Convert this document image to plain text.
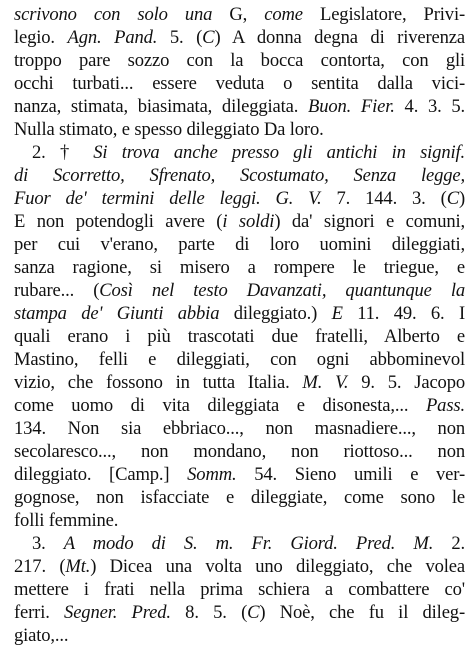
scrivono con solo una G, come Legislatore, Privi-
legio. Agn. Pand. 5. (C) A donna degna di riverenza
troppo pare sozzo con la bocca contorta, con gli
occhi turbati... essere veduta o sentita dalla vici-
nanza, stimata, biasimata, dileggiata. Buon. Fier. 4. 3. 5.
Nulla stimato, e spesso dileggiato Da loro.
2. † Si trova anche presso gli antichi in signif.
di Scorretto, Sfrenato, Scostumato, Senza legge,
Fuor de' termini delle leggi. G. V. 7. 144. 3. (C)
E non potendogli avere (i soldi) da' signori e comuni,
per cui v'erano, parte di loro uomini dileggiati,
sanza ragione, si misero a rompere le triegue, e
rubare... (Così nel testo Davanzati, quantunque la
stampa de' Giunti abbia dileggiato.) E 11. 49. 6. I
quali erano i più trascotati due fratelli, Alberto e
Mastino, felli e dileggiati, con ogni abbominevol
vizio, che fossono in tutta Italia. M. V. 9. 5. Jacopo
come uomo di vita dileggiata e disonesta,... Pass.
134. Non sia ebbriaco..., non masnadiere..., non
secolaresco..., non mondano, non riottoso... non
dileggiato. [Camp.] Somm. 54. Sieno umili e ver-
gognose, non isfacciate e dileggiate, come sono le
folli femmine.
3. A modo di S. m. Fr. Giord. Pred. M. 2.
217. (Mt.) Dicea una volta uno dileggiato, che volea
mettere i frati nella prima schiera a combattere co'
ferri. Segner. Pred. 8. 5. (C) Noè, che fu il dileg-
giato,...
